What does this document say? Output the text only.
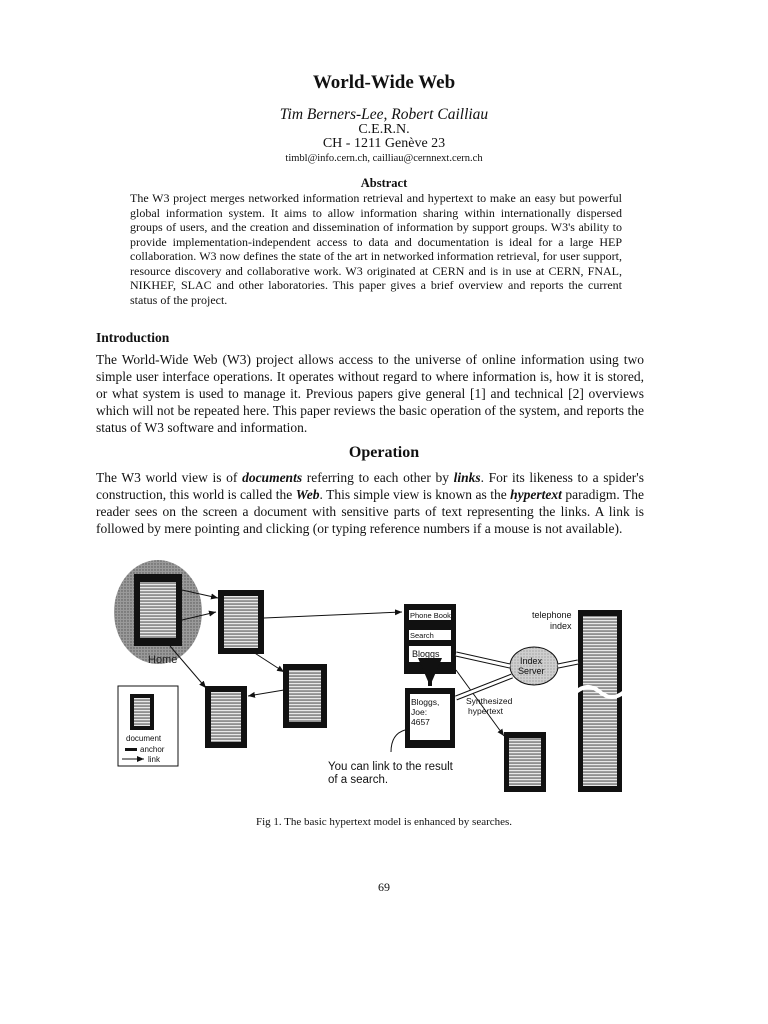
World-Wide Web
Tim Berners-Lee, Robert Cailliau
C.E.R.N.
CH - 1211 Genève 23
timbl@info.cern.ch, cailliau@cernnext.cern.ch
Abstract
The W3 project merges networked information retrieval and hypertext to make an easy but powerful global information system. It aims to allow information sharing within internationally dispersed groups of users, and the creation and dissemination of information by support groups. W3's ability to provide implementation-independent access to data and documentation is ideal for a large HEP collaboration. W3 now defines the state of the art in networked information retrieval, for user support, resource discovery and collaborative work. W3 originated at CERN and is in use at CERN, FNAL, NIKHEF, SLAC and other laboratories. This paper gives a brief overview and reports the current status of the project.
Introduction
The World-Wide Web (W3) project allows access to the universe of online information using two simple user interface operations. It operates without regard to where information is, how it is stored, or what system is used to manage it. Previous papers give general [1] and technical [2] overviews which will not be repeated here. This paper reviews the basic operation of the system, and reports the status of W3 software and information.
Operation
The W3 world view is of documents referring to each other by links. For its likeness to a spider's construction, this world is called the Web. This simple view is known as the hypertext paradigm. The reader sees on the screen a document with sensitive parts of text representing the links. A link is followed by mere pointing and clicking (or typing reference numbers if a mouse is not available).
Home
Phone Book
Search
Bloggs
Bloggs,
Joe:
4657
Index
Server
telephone
index
Synthesized
hypertext
You can link to the result
of a search.
document
anchor
link
Fig 1. The basic hypertext model is enhanced by searches.
69
